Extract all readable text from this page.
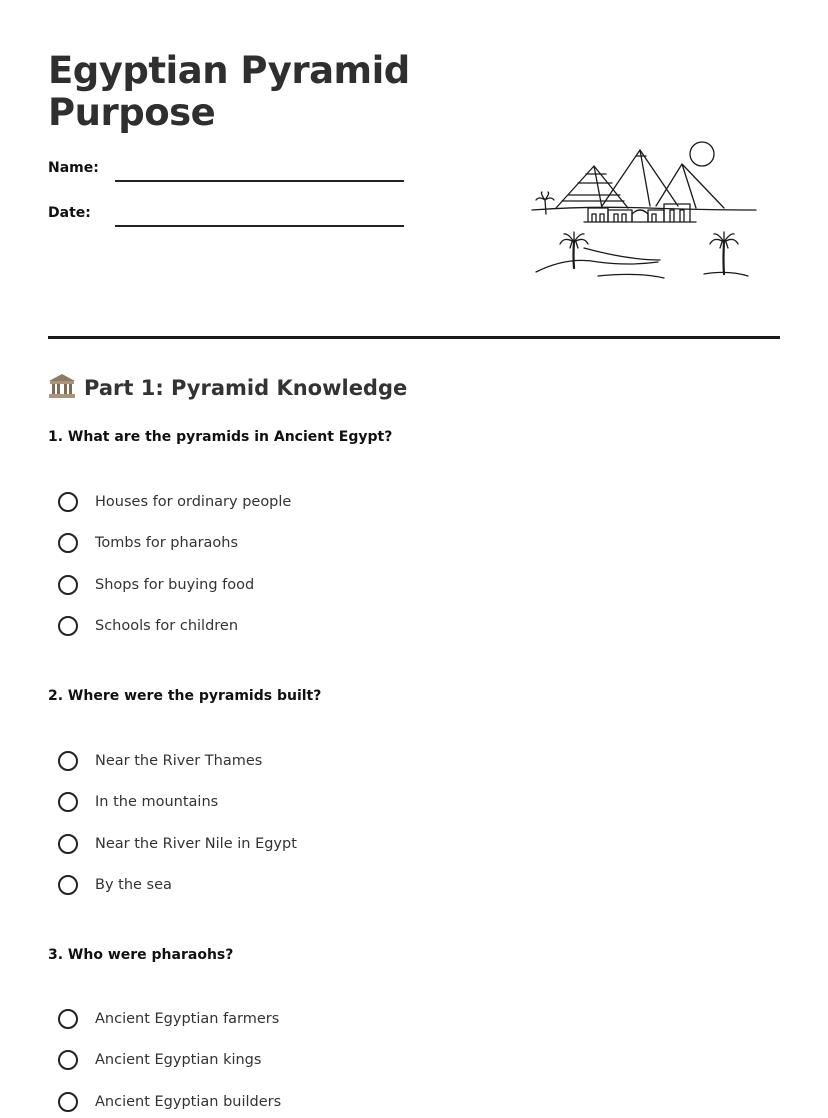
Egyptian Pyramid Purpose
Name:
Date:
Part 1: Pyramid Knowledge

1. What are the pyramids in Ancient Egypt?

Houses for ordinary people
Tombs for pharaohs
Shops for buying food
Schools for children

2. Where were the pyramids built?

Near the River Thames
In the mountains
Near the River Nile in Egypt
By the sea

3. Who were pharaohs?

Ancient Egyptian farmers
Ancient Egyptian kings
Ancient Egyptian builders
